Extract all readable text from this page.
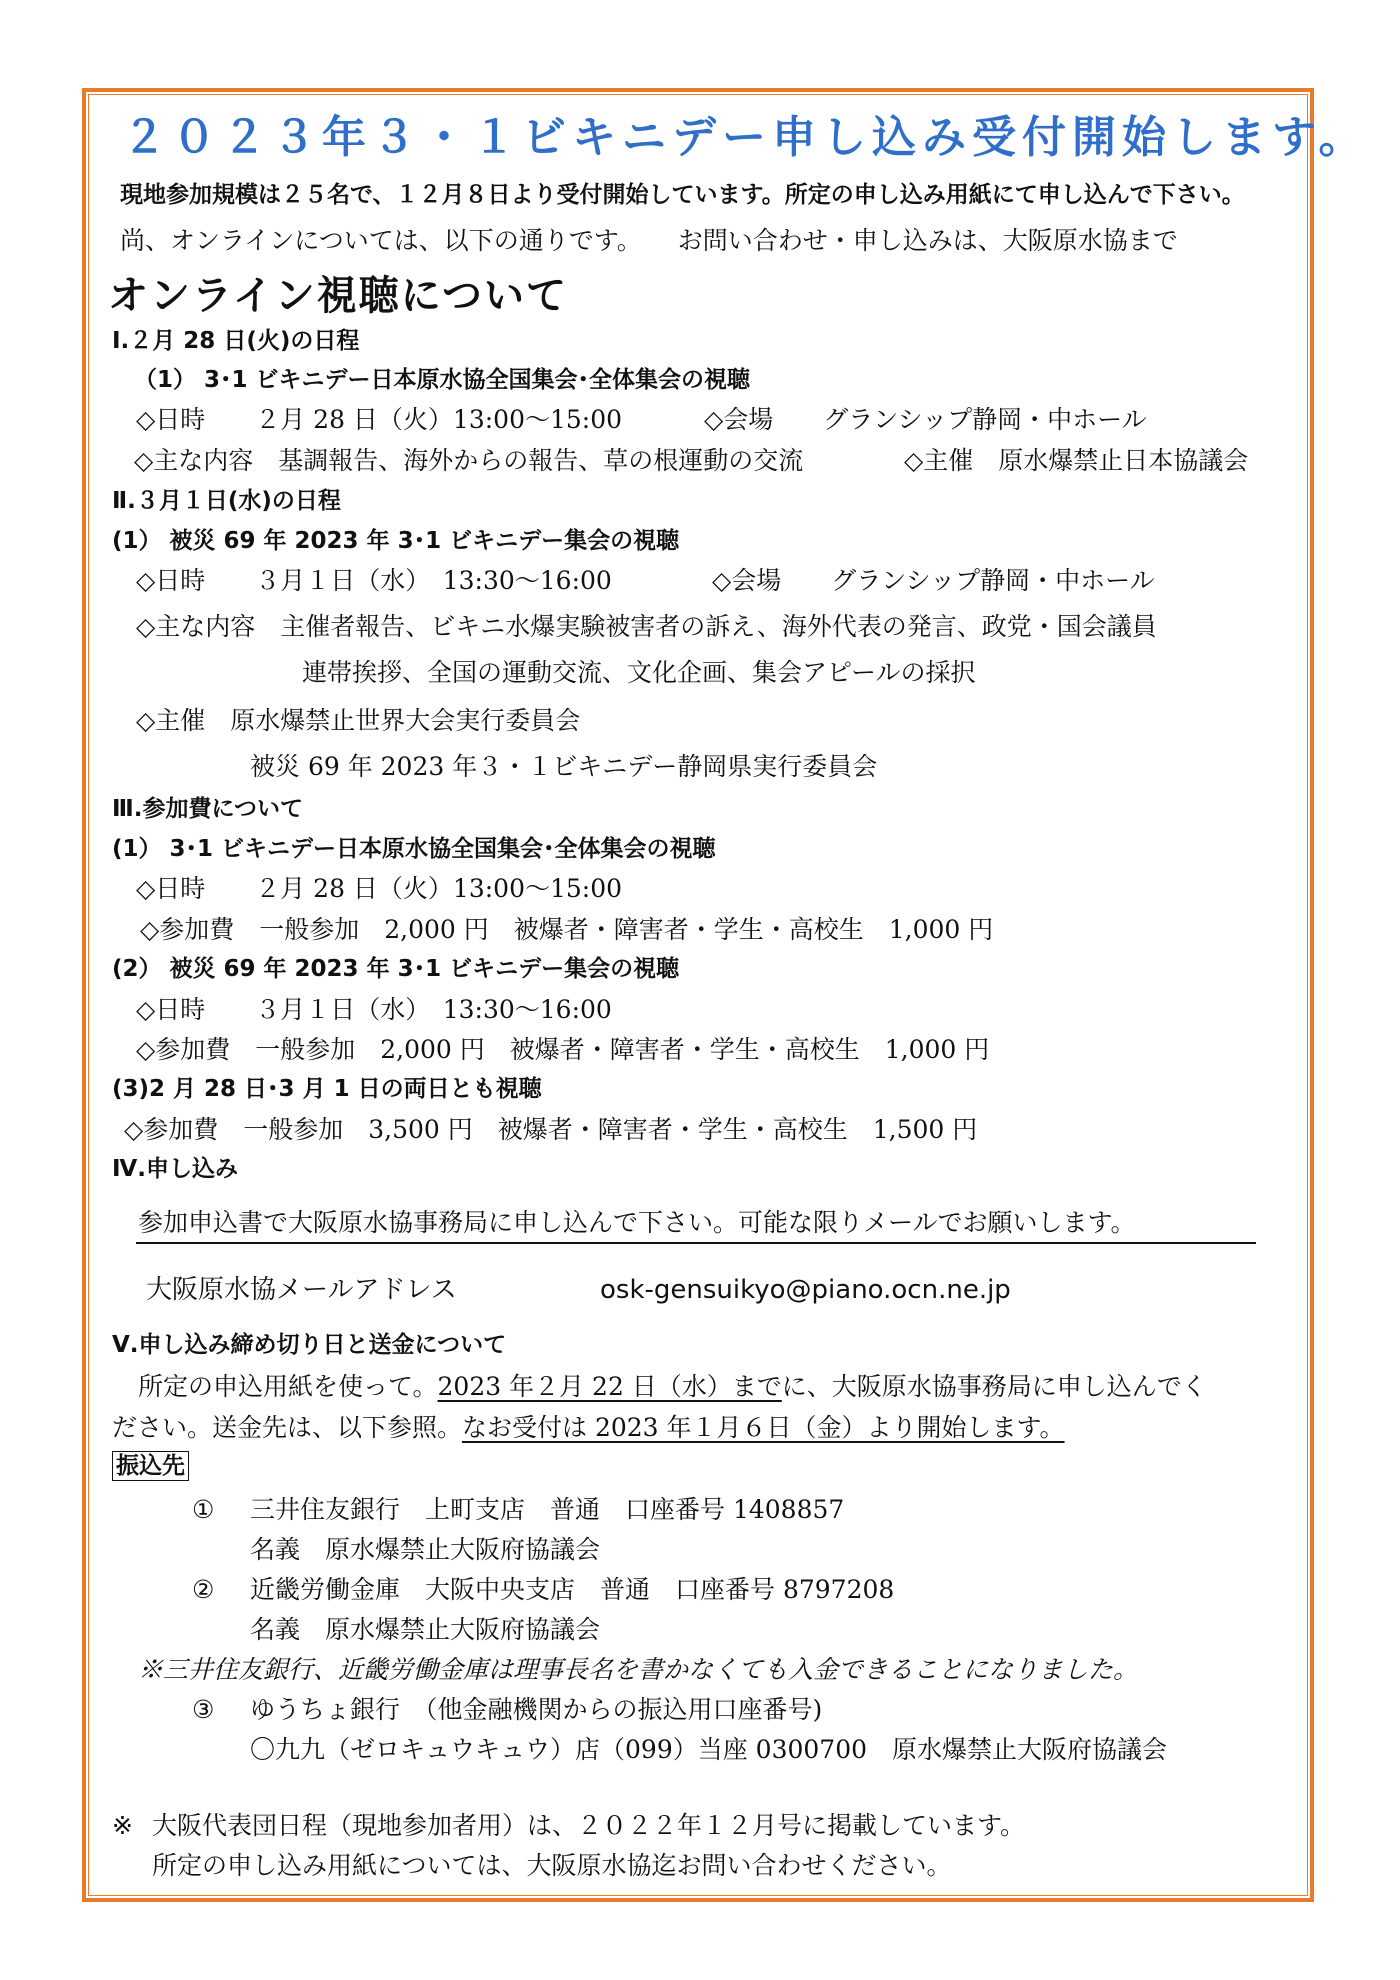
２０２３年３・１ビキニデー申し込み受付開始します。
現地参加規模は２５名で、１２月８日より受付開始しています。所定の申し込み用紙にて申し込んで下さい。
尚、オンラインについては、以下の通りです。 お問い合わせ・申し込みは、大阪原水協まで
オンライン視聴について
Ⅰ.２月 28 日(火)の日程
（1） 3･1 ビキニデー日本原水協全国集会･全体集会の視聴
◇日時　　２月 28 日（火）13:00～15:00	◇会場　　グランシップ静岡・中ホール
◇主な内容　基調報告、海外からの報告、草の根運動の交流	◇主催　原水爆禁止日本協議会
Ⅱ.３月１日(水)の日程
(1） 被災 69 年 2023 年 3･1 ビキニデー集会の視聴
◇日時　　３月１日（水）　13:30～16:00	◇会場　　グランシップ静岡・中ホール
◇主な内容　主催者報告、ビキニ水爆実験被害者の訴え、海外代表の発言、政党・国会議員
連帯挨拶、全国の運動交流、文化企画、集会アピールの採択
◇主催　原水爆禁止世界大会実行委員会
被災 69 年 2023 年３・１ビキニデー静岡県実行委員会
Ⅲ.参加費について
(1） 3･1 ビキニデー日本原水協全国集会･全体集会の視聴
◇日時　　２月 28 日（火）13:00～15:00
◇参加費　一般参加　2,000 円　被爆者・障害者・学生・高校生　1,000 円
(2） 被災 69 年 2023 年 3･1 ビキニデー集会の視聴
◇日時　　３月１日（水）　13:30～16:00
◇参加費　一般参加　2,000 円　被爆者・障害者・学生・高校生　1,000 円
(3)2 月 28 日･3 月 1 日の両日とも視聴
◇参加費　一般参加　3,500 円　被爆者・障害者・学生・高校生　1,500 円
Ⅳ.申し込み
参加申込書で大阪原水協事務局に申し込んで下さい。可能な限りメールでお願いします。
大阪原水協メールアドレス	osk-gensuikyo@piano.ocn.ne.jp
Ⅴ.申し込み締め切り日と送金について
所定の申込用紙を使って。2023 年２月 22 日（水）までに、大阪原水協事務局に申し込んでく
ださい。送金先は、以下参照。なお受付は 2023 年１月６日（金）より開始します。
振込先
① 三井住友銀行　上町支店　普通　口座番号 1408857
名義　原水爆禁止大阪府協議会
② 近畿労働金庫　大阪中央支店　普通　口座番号 8797208
名義　原水爆禁止大阪府協議会
※三井住友銀行、近畿労働金庫は理事長名を書かなくても入金できることになりました。
③ ゆうちょ銀行　（他金融機関からの振込用口座番号)
〇九九（ゼロキュウキュウ）店（099）当座 0300700　原水爆禁止大阪府協議会
※ 大阪代表団日程（現地参加者用）は、２０２２年１２月号に掲載しています。
所定の申し込み用紙については、大阪原水協迄お問い合わせください。
